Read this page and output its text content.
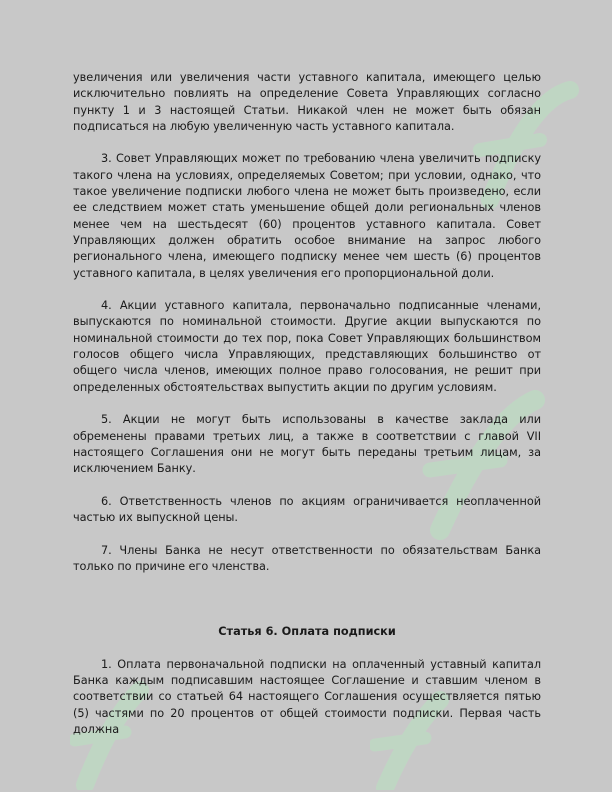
увеличения или увеличения части уставного капитала, имеющего целью исключительно повлиять на определение Совета Управляющих согласно пункту 1 и 3 настоящей Статьи. Никакой член не может быть обязан подписаться на любую увеличенную часть уставного капитала.

3. Совет Управляющих может по требованию члена увеличить подписку такого члена на условиях, определяемых Советом; при условии, однако, что такое увеличение подписки любого члена не может быть произведено, если ее следствием может стать уменьшение общей доли региональных членов менее чем на шестьдесят (60) процентов уставного капитала. Совет Управляющих должен обратить особое внимание на запрос любого регионального члена, имеющего подписку менее чем шесть (6) процентов уставного капитала, в целях увеличения его пропорциональной доли.

4. Акции уставного капитала, первоначально подписанные членами, выпускаются по номинальной стоимости. Другие акции выпускаются по номинальной стоимости до тех пор, пока Совет Управляющих большинством голосов общего числа Управляющих, представляющих большинство от общего числа членов, имеющих полное право голосования, не решит при определенных обстоятельствах выпустить акции по другим условиям.

5. Акции не могут быть использованы в качестве заклада или обременены правами третьих лиц, а также в соответствии с главой VII настоящего Соглашения они не могут быть переданы третьим лицам, за исключением Банку.

6. Ответственность членов по акциям ограничивается неоплаченной частью их выпускной цены.

7. Члены Банка не несут ответственности по обязательствам Банка только по причине его членства.

Статья 6. Оплата подписки

1. Оплата первоначальной подписки на оплаченный уставный капитал Банка каждым подписавшим настоящее Соглашение и ставшим членом в соответствии со статьей 64 настоящего Соглашения осуществляется пятью (5) частями по 20 процентов от общей стоимости подписки. Первая часть должна
